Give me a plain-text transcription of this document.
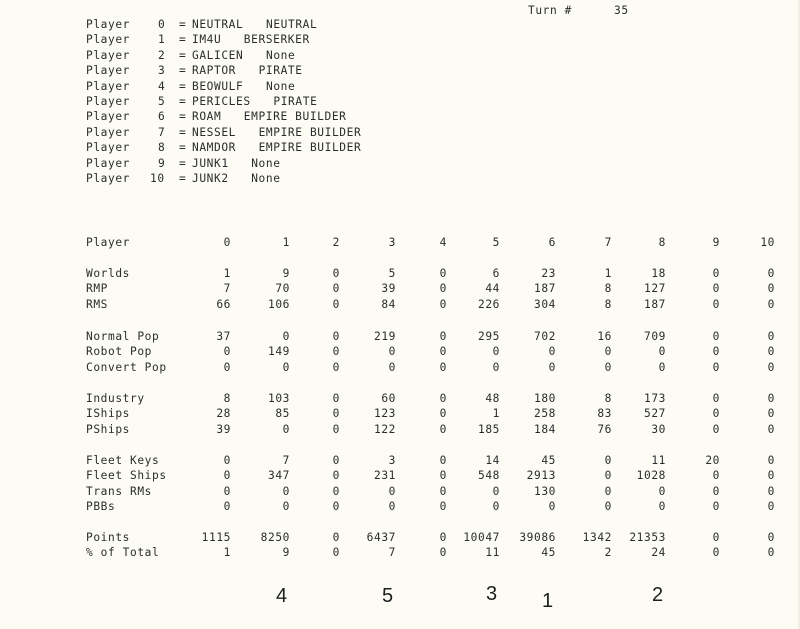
Turn #

	35

Player 0 = NEUTRAL NEUTRAL
Player 1 = IM4U BERSERKER
Player 2 = GALICEN None
Player 3 = RAPTOR PIRATE
Player 4 = BEOWULF None
Player 5 = PERICLES PIRATE
Player 6 = ROAM EMPIRE BUILDER
Player 7 = NESSEL EMPIRE BUILDER
Player 8 = NAMDOR EMPIRE BUILDER
Player 9 = JUNK1 None
Player 10 = JUNK2 None
Player	0	1	2	3	4	5	6	7	8	9	10
Worlds	1	9	0	5	0	6	23	1	18	0	0
RMP	7	70	0	39	0	44	187	8	127	0	0
RMS	66	106	0	84	0	226	304	8	187	0	0
Normal Pop	37	0	0	219	0	295	702	16	709	0	0
Robot Pop	0	149	0	0	0	0	0	0	0	0	0
Convert Pop	0	0	0	0	0	0	0	0	0	0	0
Industry	8	103	0	60	0	48	180	8	173	0	0
IShips	28	85	0	123	0	1	258	83	527	0	0
PShips	39	0	0	122	0	185	184	76	30	0	0
Fleet Keys	0	7	0	3	0	14	45	0	11	20	0
Fleet Ships	0	347	0	231	0	548	2913	0	1028	0	0
Trans RMs	0	0	0	0	0	0	130	0	0	0	0
PBBs	0	0	0	0	0	0	0	0	0	0	0
Points	1115	8250	0	6437	0	10047	39086	1342	21353	0	0
% of Total	1	9	0	7	0	11	45	2	24	0	0
4	5	3 1	2
